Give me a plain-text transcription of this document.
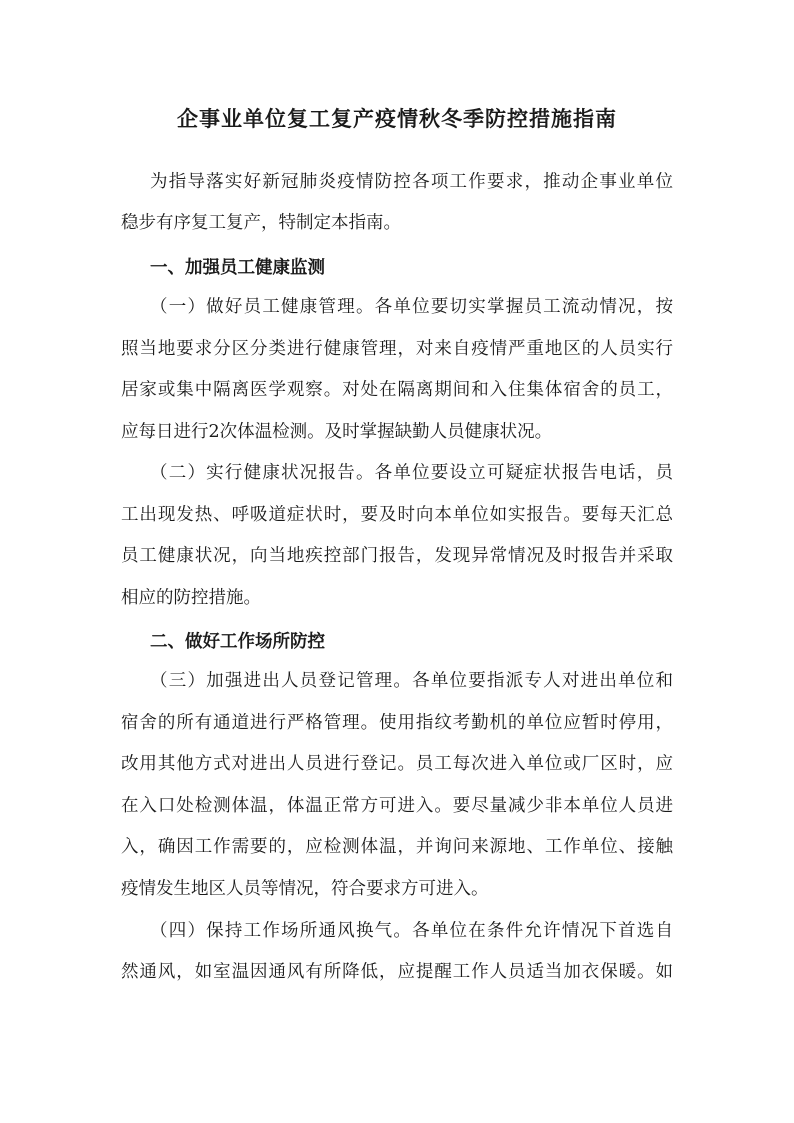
企事业单位复工复产疫情秋冬季防控措施指南
为指导落实好新冠肺炎疫情防控各项工作要求，推动企事业单位
稳步有序复工复产，特制定本指南。
一、加强员工健康监测
（一）做好员工健康管理。各单位要切实掌握员工流动情况，按
照当地要求分区分类进行健康管理，对来自疫情严重地区的人员实行
居家或集中隔离医学观察。对处在隔离期间和入住集体宿舍的员工，
应每日进行2次体温检测。及时掌握缺勤人员健康状况。
（二）实行健康状况报告。各单位要设立可疑症状报告电话，员
工出现发热、呼吸道症状时，要及时向本单位如实报告。要每天汇总
员工健康状况，向当地疾控部门报告，发现异常情况及时报告并采取
相应的防控措施。
二、做好工作场所防控
（三）加强进出人员登记管理。各单位要指派专人对进出单位和
宿舍的所有通道进行严格管理。使用指纹考勤机的单位应暂时停用，
改用其他方式对进出人员进行登记。员工每次进入单位或厂区时，应
在入口处检测体温，体温正常方可进入。要尽量减少非本单位人员进
入，确因工作需要的，应检测体温，并询问来源地、工作单位、接触
疫情发生地区人员等情况，符合要求方可进入。
（四）保持工作场所通风换气。各单位在条件允许情况下首选自
然通风，如室温因通风有所降低，应提醒工作人员适当加衣保暖。如
